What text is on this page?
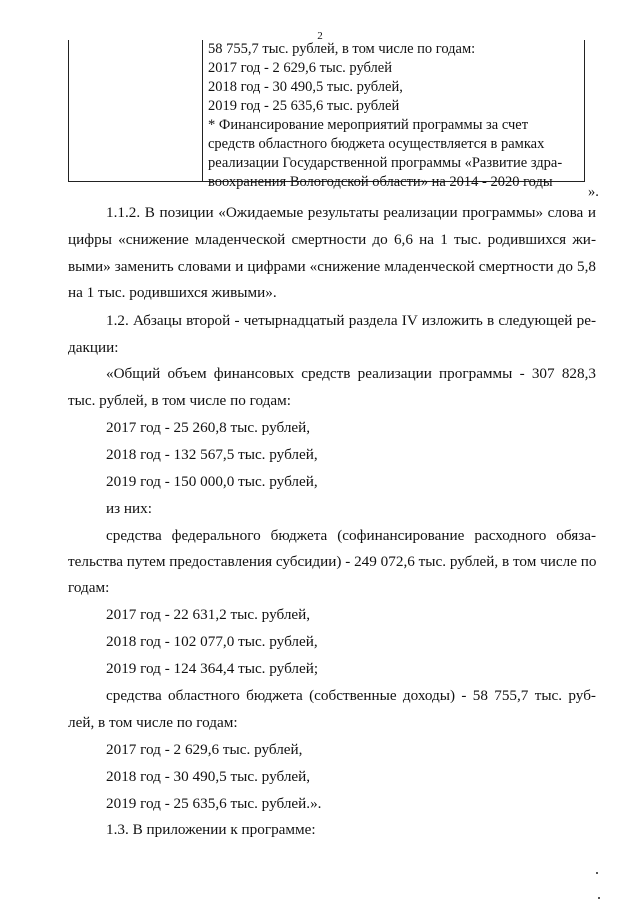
2
58 755,7 тыс. рублей, в том числе по годам:
2017 год - 2 629,6 тыс. рублей
2018 год - 30 490,5 тыс. рублей,
2019 год - 25 635,6 тыс. рублей
* Финансирование мероприятий программы за счет
средств областного бюджета осуществляется в рамках
реализации Государственной программы «Развитие здра-
воохранения Вологодской области» на 2014 - 2020 годы
».
1.1.2. В позиции «Ожидаемые результаты реализации программы» слова и
цифры «снижение младенческой смертности до 6,6 на 1 тыс. родившихся жи-
выми» заменить словами и цифрами «снижение младенческой смертности до 5,8
на 1 тыс. родившихся живыми».
1.2. Абзацы второй - четырнадцатый раздела IV изложить в следующей ре-
дакции:
«Общий объем финансовых средств реализации программы - 307 828,3
тыс. рублей, в том числе по годам:
2017 год - 25 260,8 тыс. рублей,
2018 год - 132 567,5 тыс. рублей,
2019 год - 150 000,0 тыс. рублей,
из них:
средства федерального бюджета (софинансирование расходного обяза-
тельства путем предоставления субсидии) - 249 072,6 тыс. рублей, в том числе по
годам:
2017 год - 22 631,2 тыс. рублей,
2018 год - 102 077,0 тыс. рублей,
2019 год - 124 364,4 тыс. рублей;
средства областного бюджета (собственные доходы) - 58 755,7 тыс. руб-
лей, в том числе по годам:
2017 год - 2 629,6 тыс. рублей,
2018 год - 30 490,5 тыс. рублей,
2019 год - 25 635,6 тыс. рублей.».
1.3. В приложении к программе:
